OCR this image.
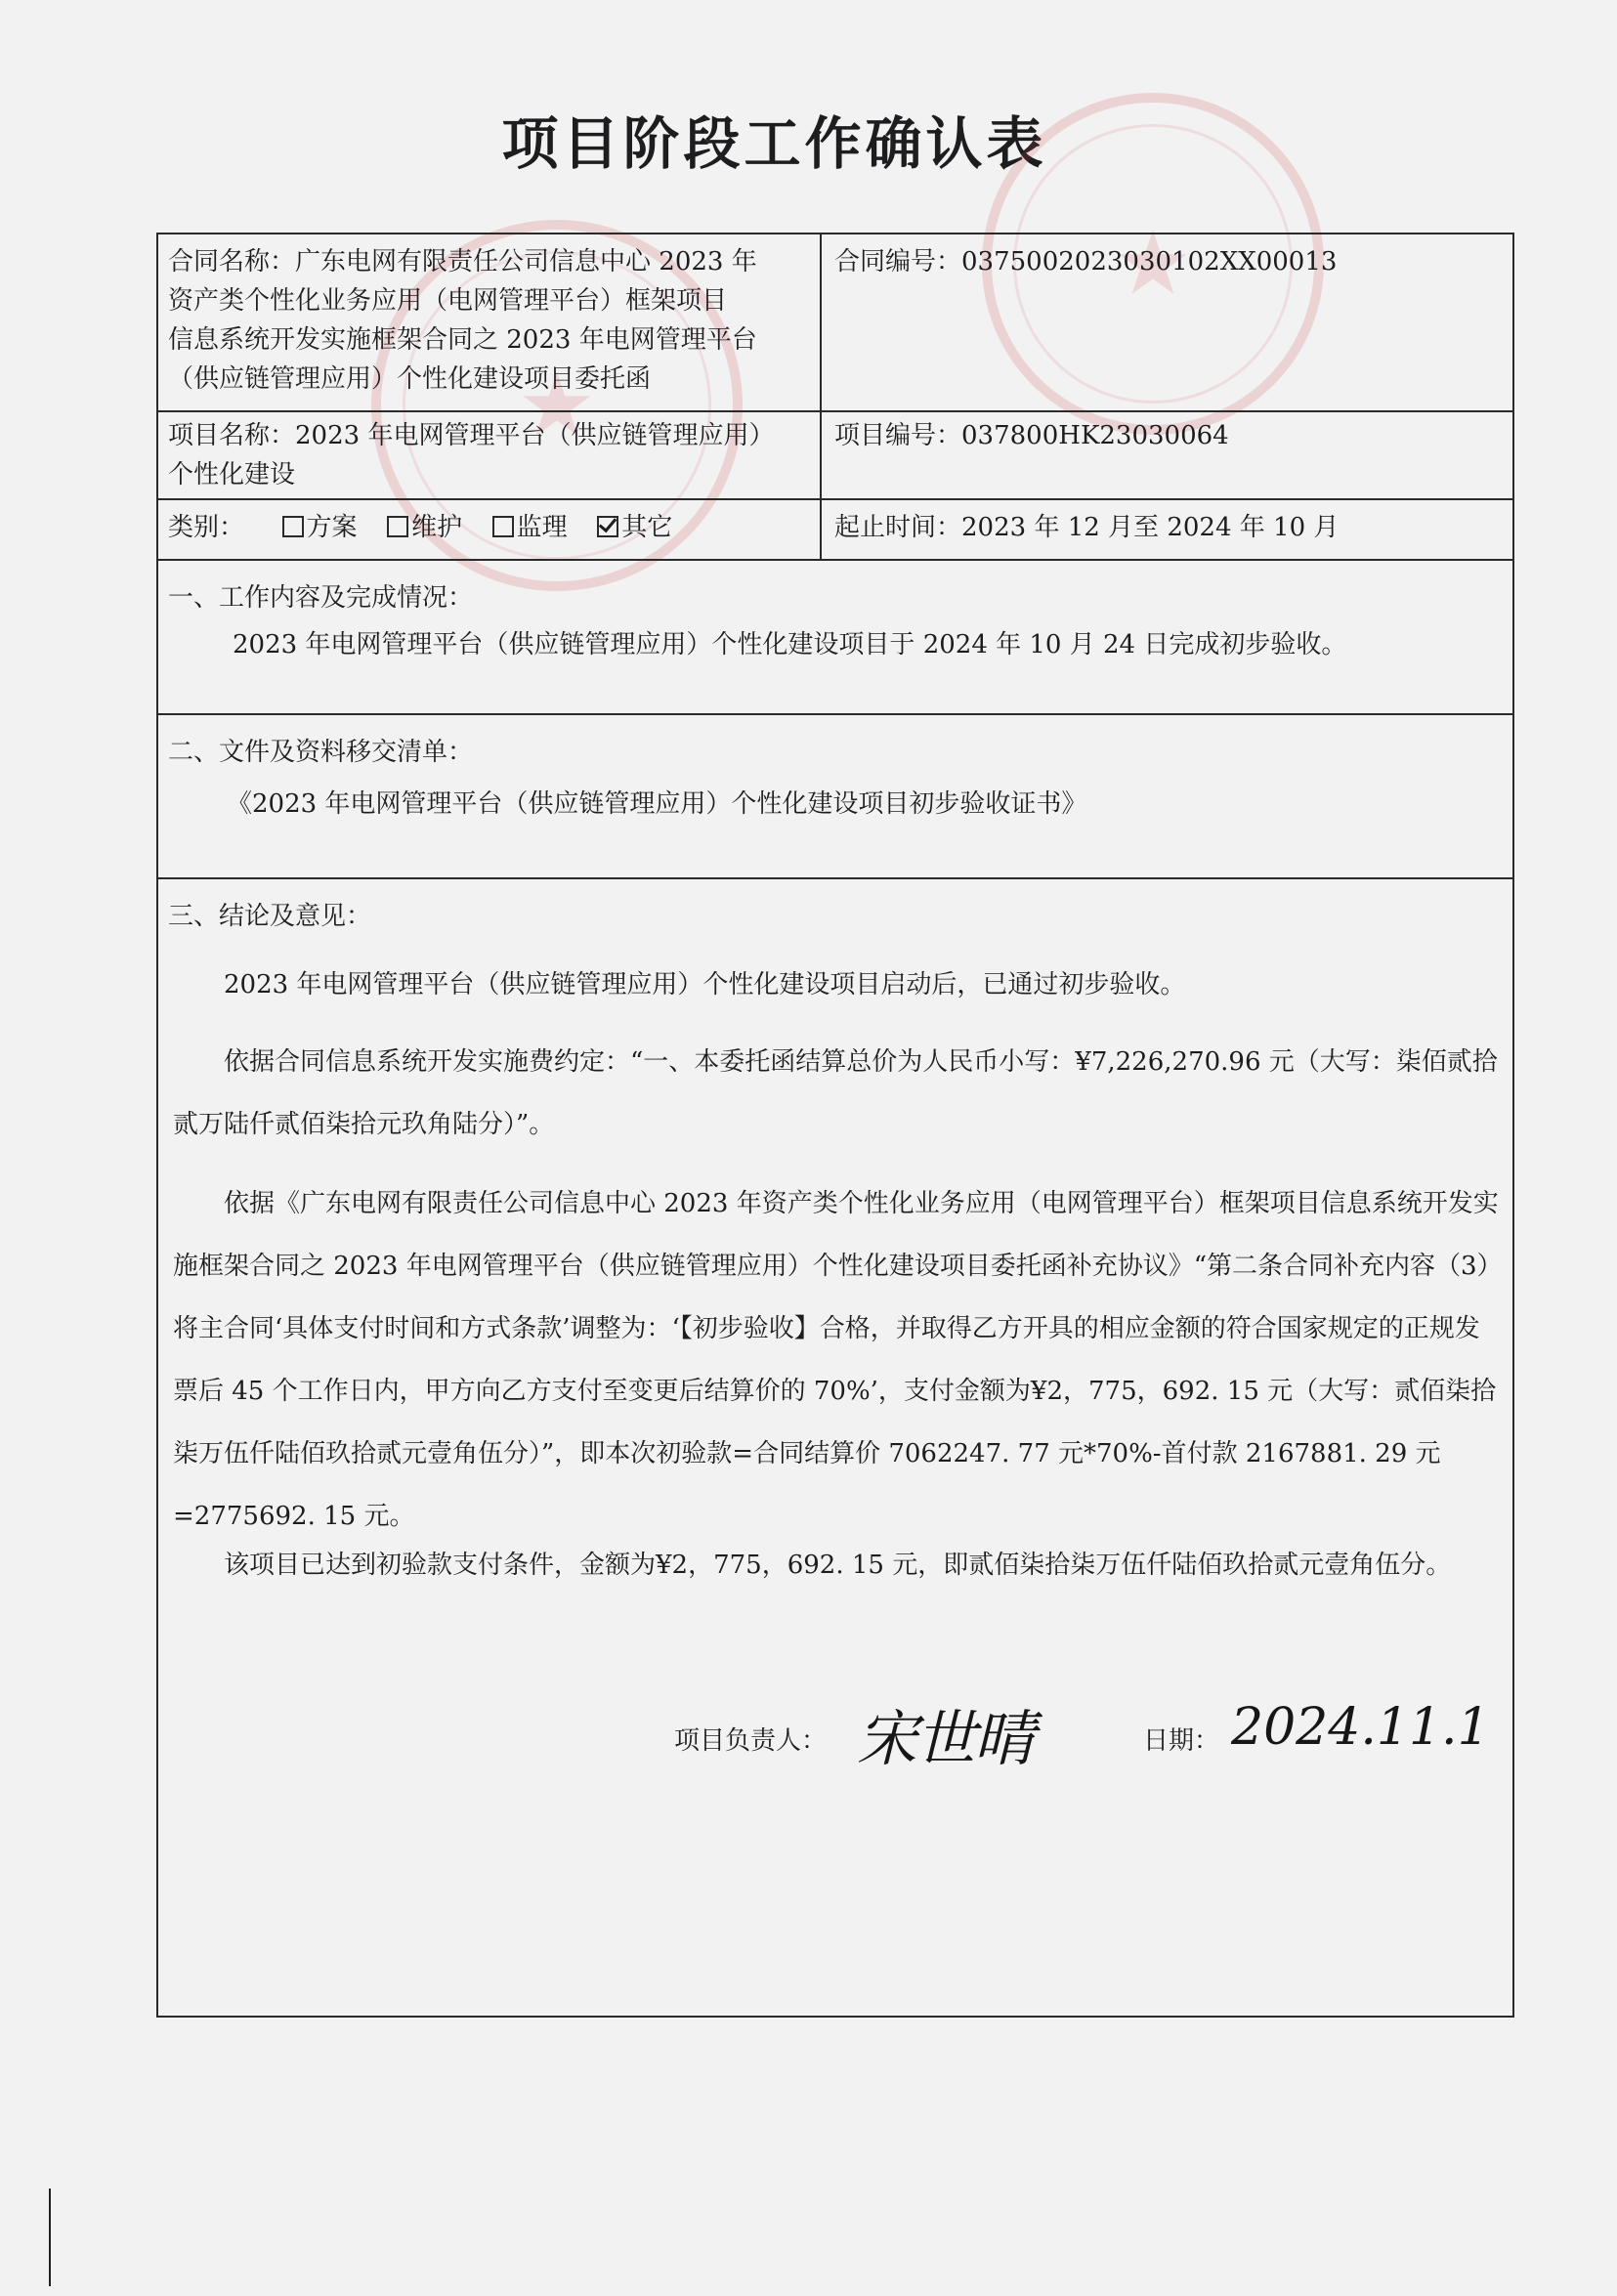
项目阶段工作确认表
★
★

合同名称：广东电网有限责任公司信息中心 2023 年

资产类个性化业务应用（电网管理平台）框架项目

信息系统开发实施框架合同之 2023 年电网管理平台

（供应链管理应用）个性化建设项目委托函

合同编号：0375002023030102XX00013

项目名称：2023 年电网管理平台（供应链管理应用）

个性化建设

项目编号：037800HK23030064
类别： 方案 维护 监理 其它	起止时间：2023 年 12 月至 2024 年 10 月
一、工作内容及完成情况：
2023 年电网管理平台（供应链管理应用）个性化建设项目于 2024 年 10 月 24 日完成初步验收。
二、文件及资料移交清单：
《2023 年电网管理平台（供应链管理应用）个性化建设项目初步验收证书》
三、结论及意见：
2023 年电网管理平台（供应链管理应用）个性化建设项目启动后，已通过初步验收。
依据合同信息系统开发实施费约定：“一、本委托函结算总价为人民币小写：¥7,226,270.96 元（大写：柒佰贰拾贰万陆仟贰佰柒拾元玖角陆分）”。
依据《广东电网有限责任公司信息中心 2023 年资产类个性化业务应用（电网管理平台）框架项目信息系统开发实施框架合同之 2023 年电网管理平台（供应链管理应用）个性化建设项目委托函补充协议》“第二条合同补充内容（3）将主合同‘具体支付时间和方式条款’调整为：‘【初步验收】合格，并取得乙方开具的相应金额的符合国家规定的正规发票后 45 个工作日内，甲方向乙方支付至变更后结算价的 70%’，支付金额为¥2，775，692. 15 元（大写：贰佰柒拾柒万伍仟陆佰玖拾贰元壹角伍分）”，即本次初验款=合同结算价 7062247. 77 元*70%-首付款 2167881. 29 元=2775692. 15 元。
该项目已达到初验款支付条件，金额为¥2，775，692. 15 元，即贰佰柒拾柒万伍仟陆佰玖拾贰元壹角伍分。
项目负责人： 宋世晴	日期： 2024.11.1
